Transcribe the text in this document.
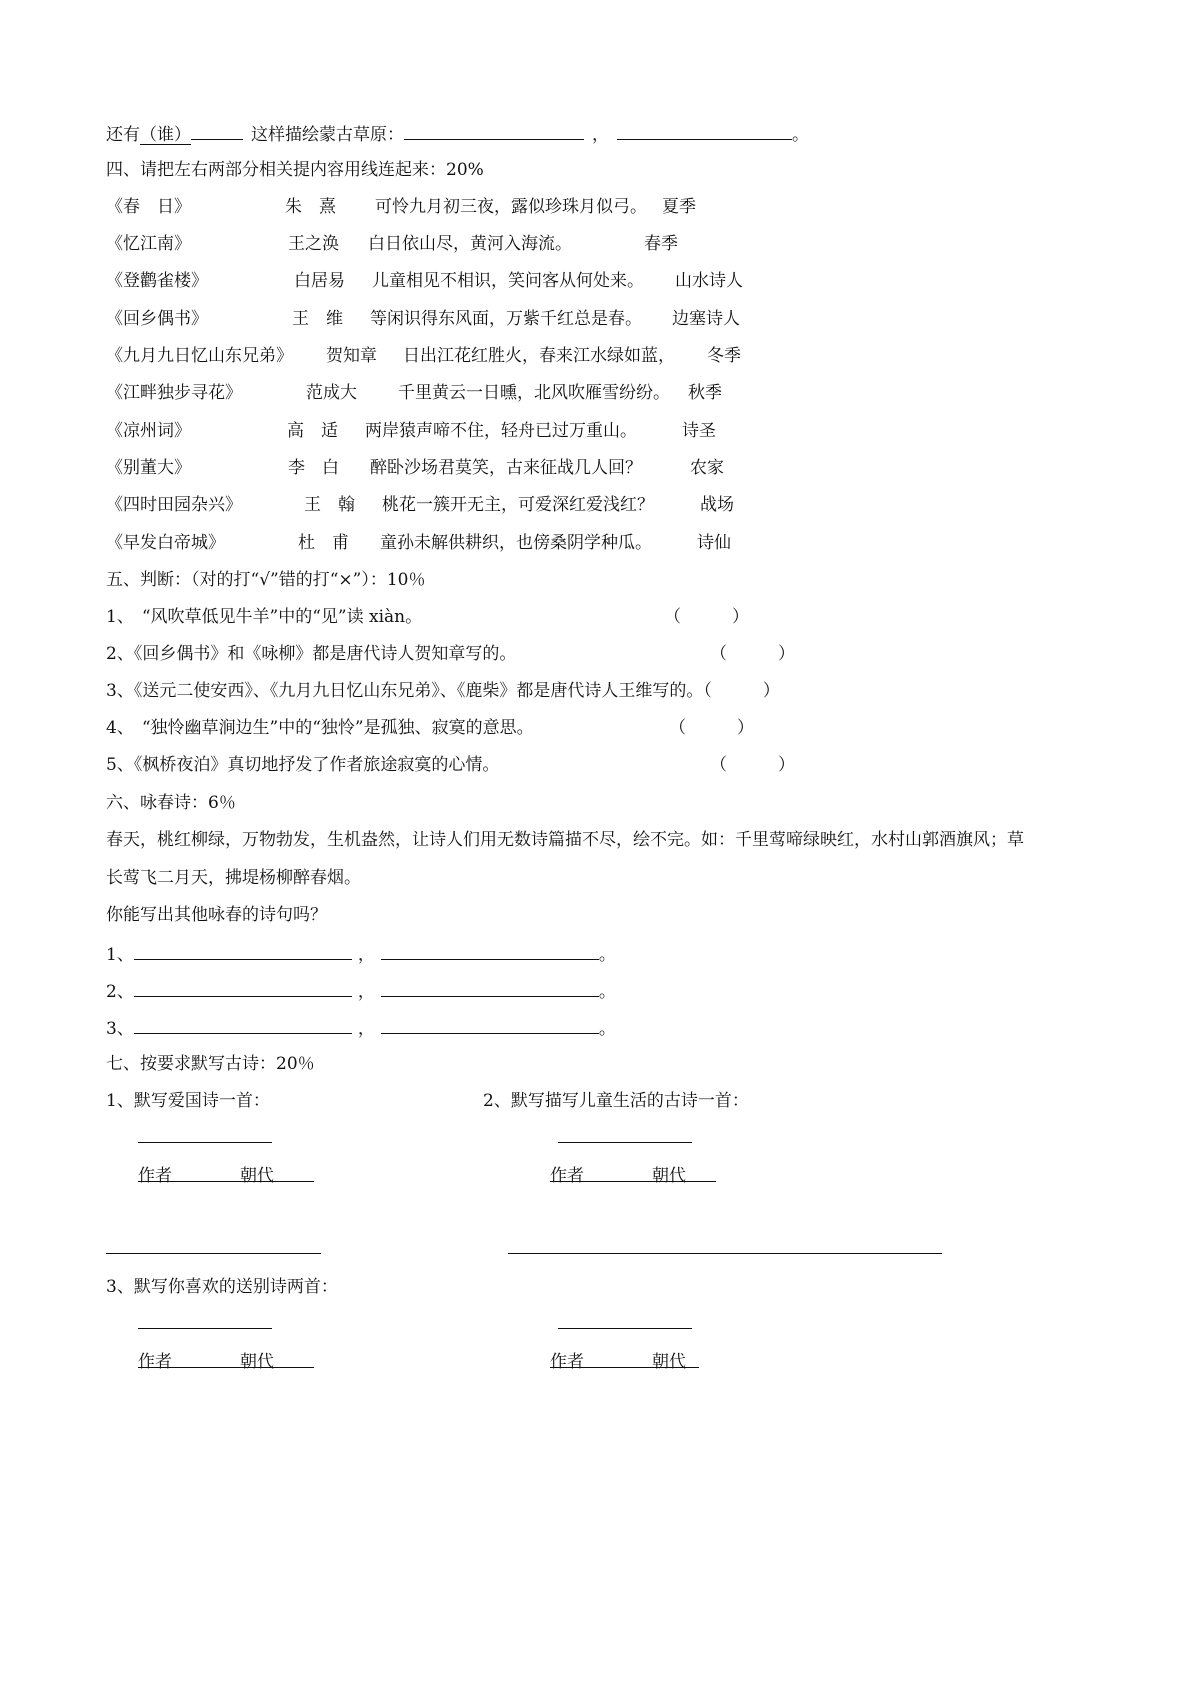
还有（谁）	这样描绘蒙古草原：	，	。
四、请把左右两部分相关提内容用线连起来：20%
《春　日》	朱　熹 可怜九月初三夜，露似珍珠月似弓。 夏季
《忆江南》	王之涣 白日依山尽，黄河入海流。	春季
《登鹳雀楼》	白居易 儿童相见不相识，笑问客从何处来。 山水诗人
《回乡偶书》	王　维 等闲识得东风面，万紫千红总是春。 边塞诗人
《九月九日忆山东兄弟》 贺知章 日出江花红胜火，春来江水绿如蓝， 冬季
《江畔独步寻花》	范成大 千里黄云一日曛，北风吹雁雪纷纷。 秋季
《凉州词》	高　适 两岸猿声啼不住，轻舟已过万重山。	诗圣
《别董大》	李　白 醉卧沙场君莫笑，古来征战几人回？	农家
《四时田园杂兴》	王　翰 桃花一簇开无主，可爱深红爱浅红？	战场
《早发白帝城》	杜　甫 童孙未解供耕织，也傍桑阴学种瓜。	诗仙
五、判断：（对的打“√”错的打“×”）：10％
1、 “风吹草低见牛羊”中的“见”读 xiàn。	（　　　）
2、《回乡偶书》和《咏柳》都是唐代诗人贺知章写的。	（　　　）
3、《送元二使安西》、《九月九日忆山东兄弟》、《鹿柴》都是唐代诗人王维写的。（　　　）
4、 “独怜幽草涧边生”中的“独怜”是孤独、寂寞的意思。	（　　　）
5、《枫桥夜泊》真切地抒发了作者旅途寂寞的心情。	（　　　）
六、咏春诗：6％
春天，桃红柳绿，万物勃发，生机盎然，让诗人们用无数诗篇描不尽，绘不完。如：千里莺啼绿映红，水村山郭酒旗风；草
长莺飞二月天，拂堤杨柳醉春烟。
你能写出其他咏春的诗句吗？
1、	，	。
2、	，	。
3、	，	。
七、按要求默写古诗：20％
1、默写爱国诗一首：	2、默写描写儿童生活的古诗一首：
作者	朝代	作者	朝代
3、默写你喜欢的送别诗两首：
作者	朝代	作者	朝代
